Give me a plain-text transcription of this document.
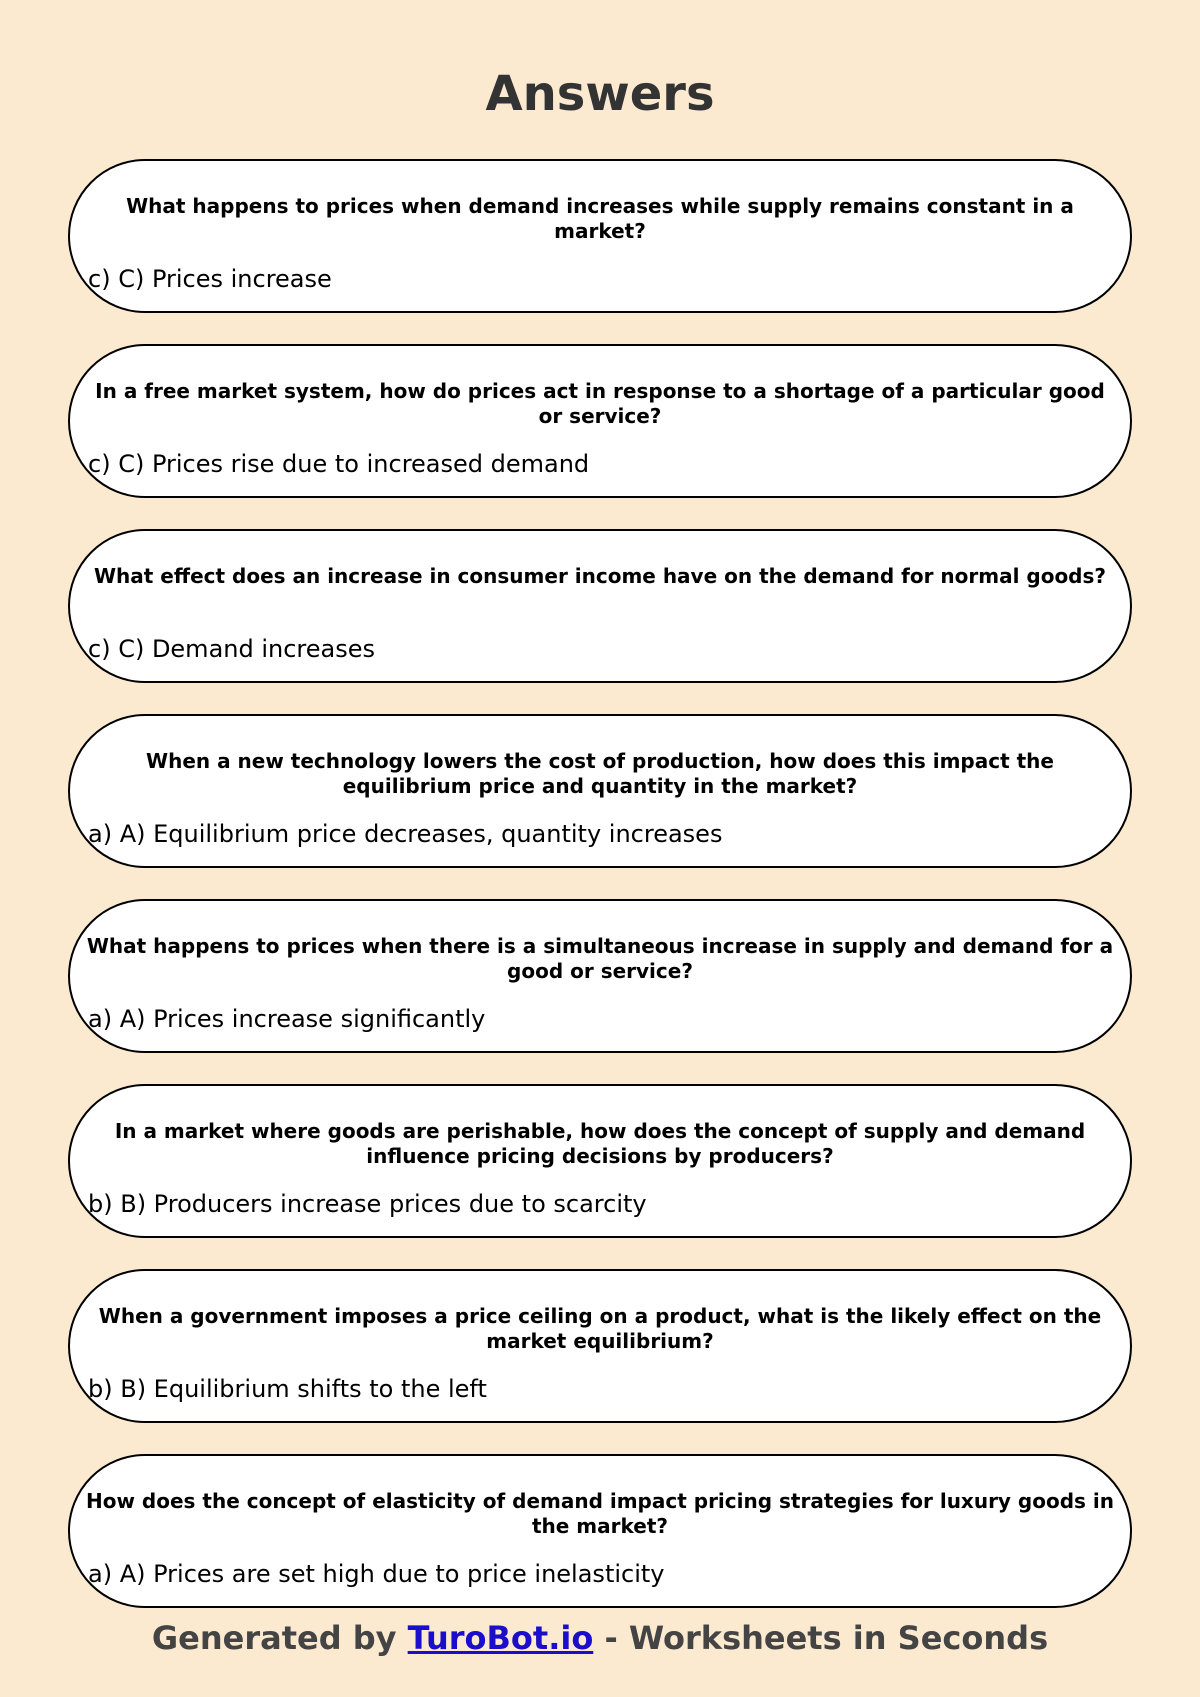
Answers
What happens to prices when demand increases while supply remains constant in a market?
c) C) Prices increase
In a free market system, how do prices act in response to a shortage of a particular good or service?
c) C) Prices rise due to increased demand
What effect does an increase in consumer income have on the demand for normal goods?
c) C) Demand increases
When a new technology lowers the cost of production, how does this impact the equilibrium price and quantity in the market?
a) A) Equilibrium price decreases, quantity increases
What happens to prices when there is a simultaneous increase in supply and demand for a good or service?
a) A) Prices increase significantly
In a market where goods are perishable, how does the concept of supply and demand influence pricing decisions by producers?
b) B) Producers increase prices due to scarcity
When a government imposes a price ceiling on a product, what is the likely effect on the market equilibrium?
b) B) Equilibrium shifts to the left
How does the concept of elasticity of demand impact pricing strategies for luxury goods in the market?
a) A) Prices are set high due to price inelasticity
Generated by TuroBot.io - Worksheets in Seconds
